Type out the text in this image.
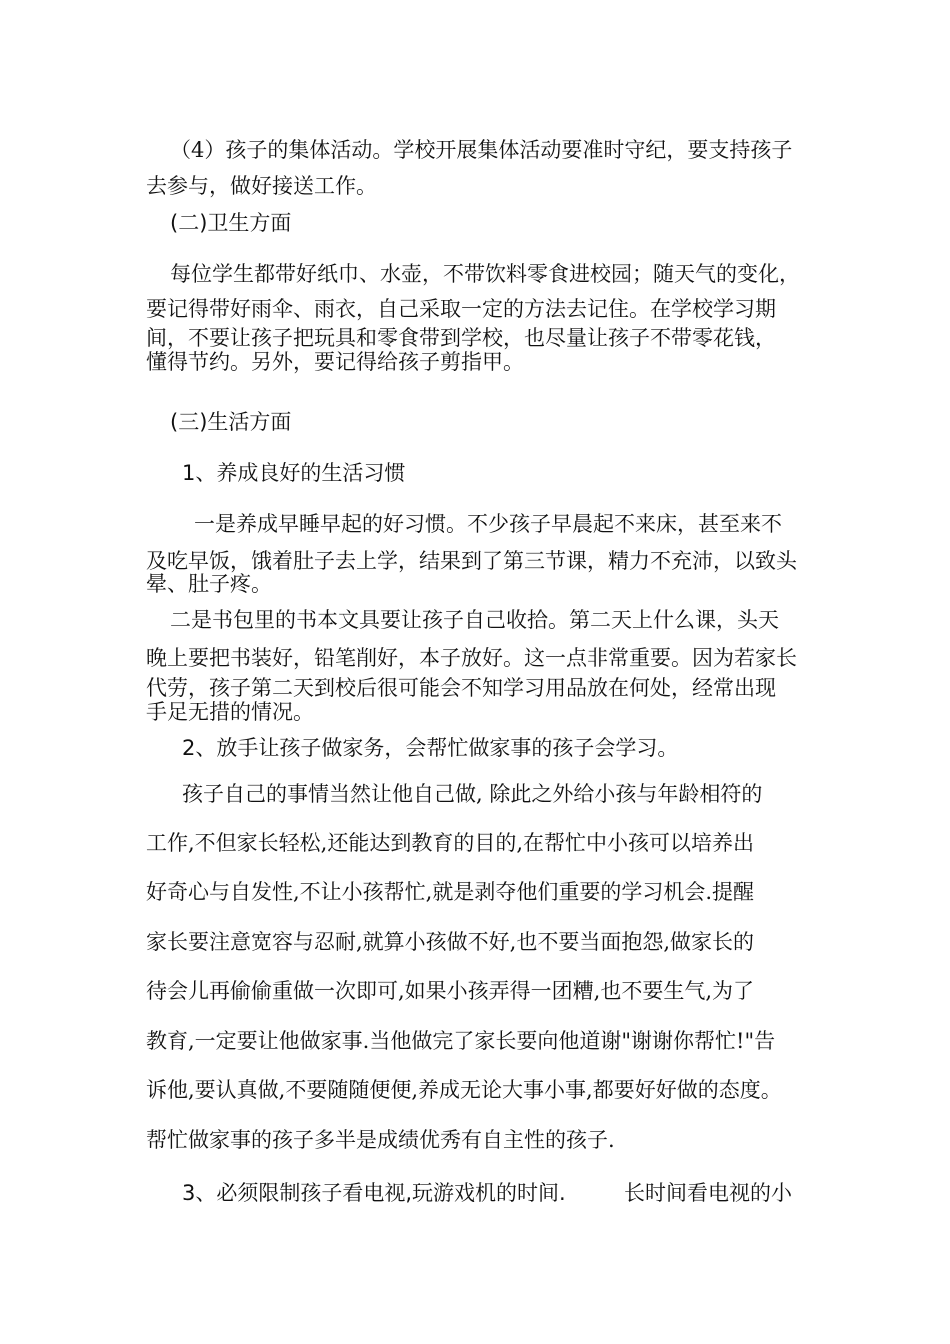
（4）孩子的集体活动。学校开展集体活动要准时守纪，要支持孩子
去参与，做好接送工作。
(二)卫生方面
每位学生都带好纸巾、水壶，不带饮料零食进校园；随天气的变化，
要记得带好雨伞、雨衣，自己采取一定的方法去记住。在学校学习期
间，不要让孩子把玩具和零食带到学校，也尽量让孩子不带零花钱，
懂得节约。另外，要记得给孩子剪指甲。
(三)生活方面
1、养成良好的生活习惯
一是养成早睡早起的好习惯。不少孩子早晨起不来床，甚至来不
及吃早饭，饿着肚子去上学，结果到了第三节课，精力不充沛，以致头
晕、肚子疼。
二是书包里的书本文具要让孩子自己收拾。第二天上什么课，头天
晚上要把书装好，铅笔削好，本子放好。这一点非常重要。因为若家长
代劳，孩子第二天到校后很可能会不知学习用品放在何处，经常出现
手足无措的情况。
2、放手让孩子做家务，会帮忙做家事的孩子会学习。
孩子自己的事情当然让他自己做, 除此之外给小孩与年龄相符的
工作,不但家长轻松,还能达到教育的目的,在帮忙中小孩可以培养出
好奇心与自发性,不让小孩帮忙,就是剥夺他们重要的学习机会.提醒
家长要注意宽容与忍耐,就算小孩做不好,也不要当面抱怨,做家长的
待会儿再偷偷重做一次即可,如果小孩弄得一团糟,也不要生气,为了
教育,一定要让他做家事.当他做完了家长要向他道谢"谢谢你帮忙!"告
诉他,要认真做,不要随随便便,养成无论大事小事,都要好好做的态度。
帮忙做家事的孩子多半是成绩优秀有自主性的孩子.
3、必须限制孩子看电视,玩游戏机的时间.	长时间看电视的小
